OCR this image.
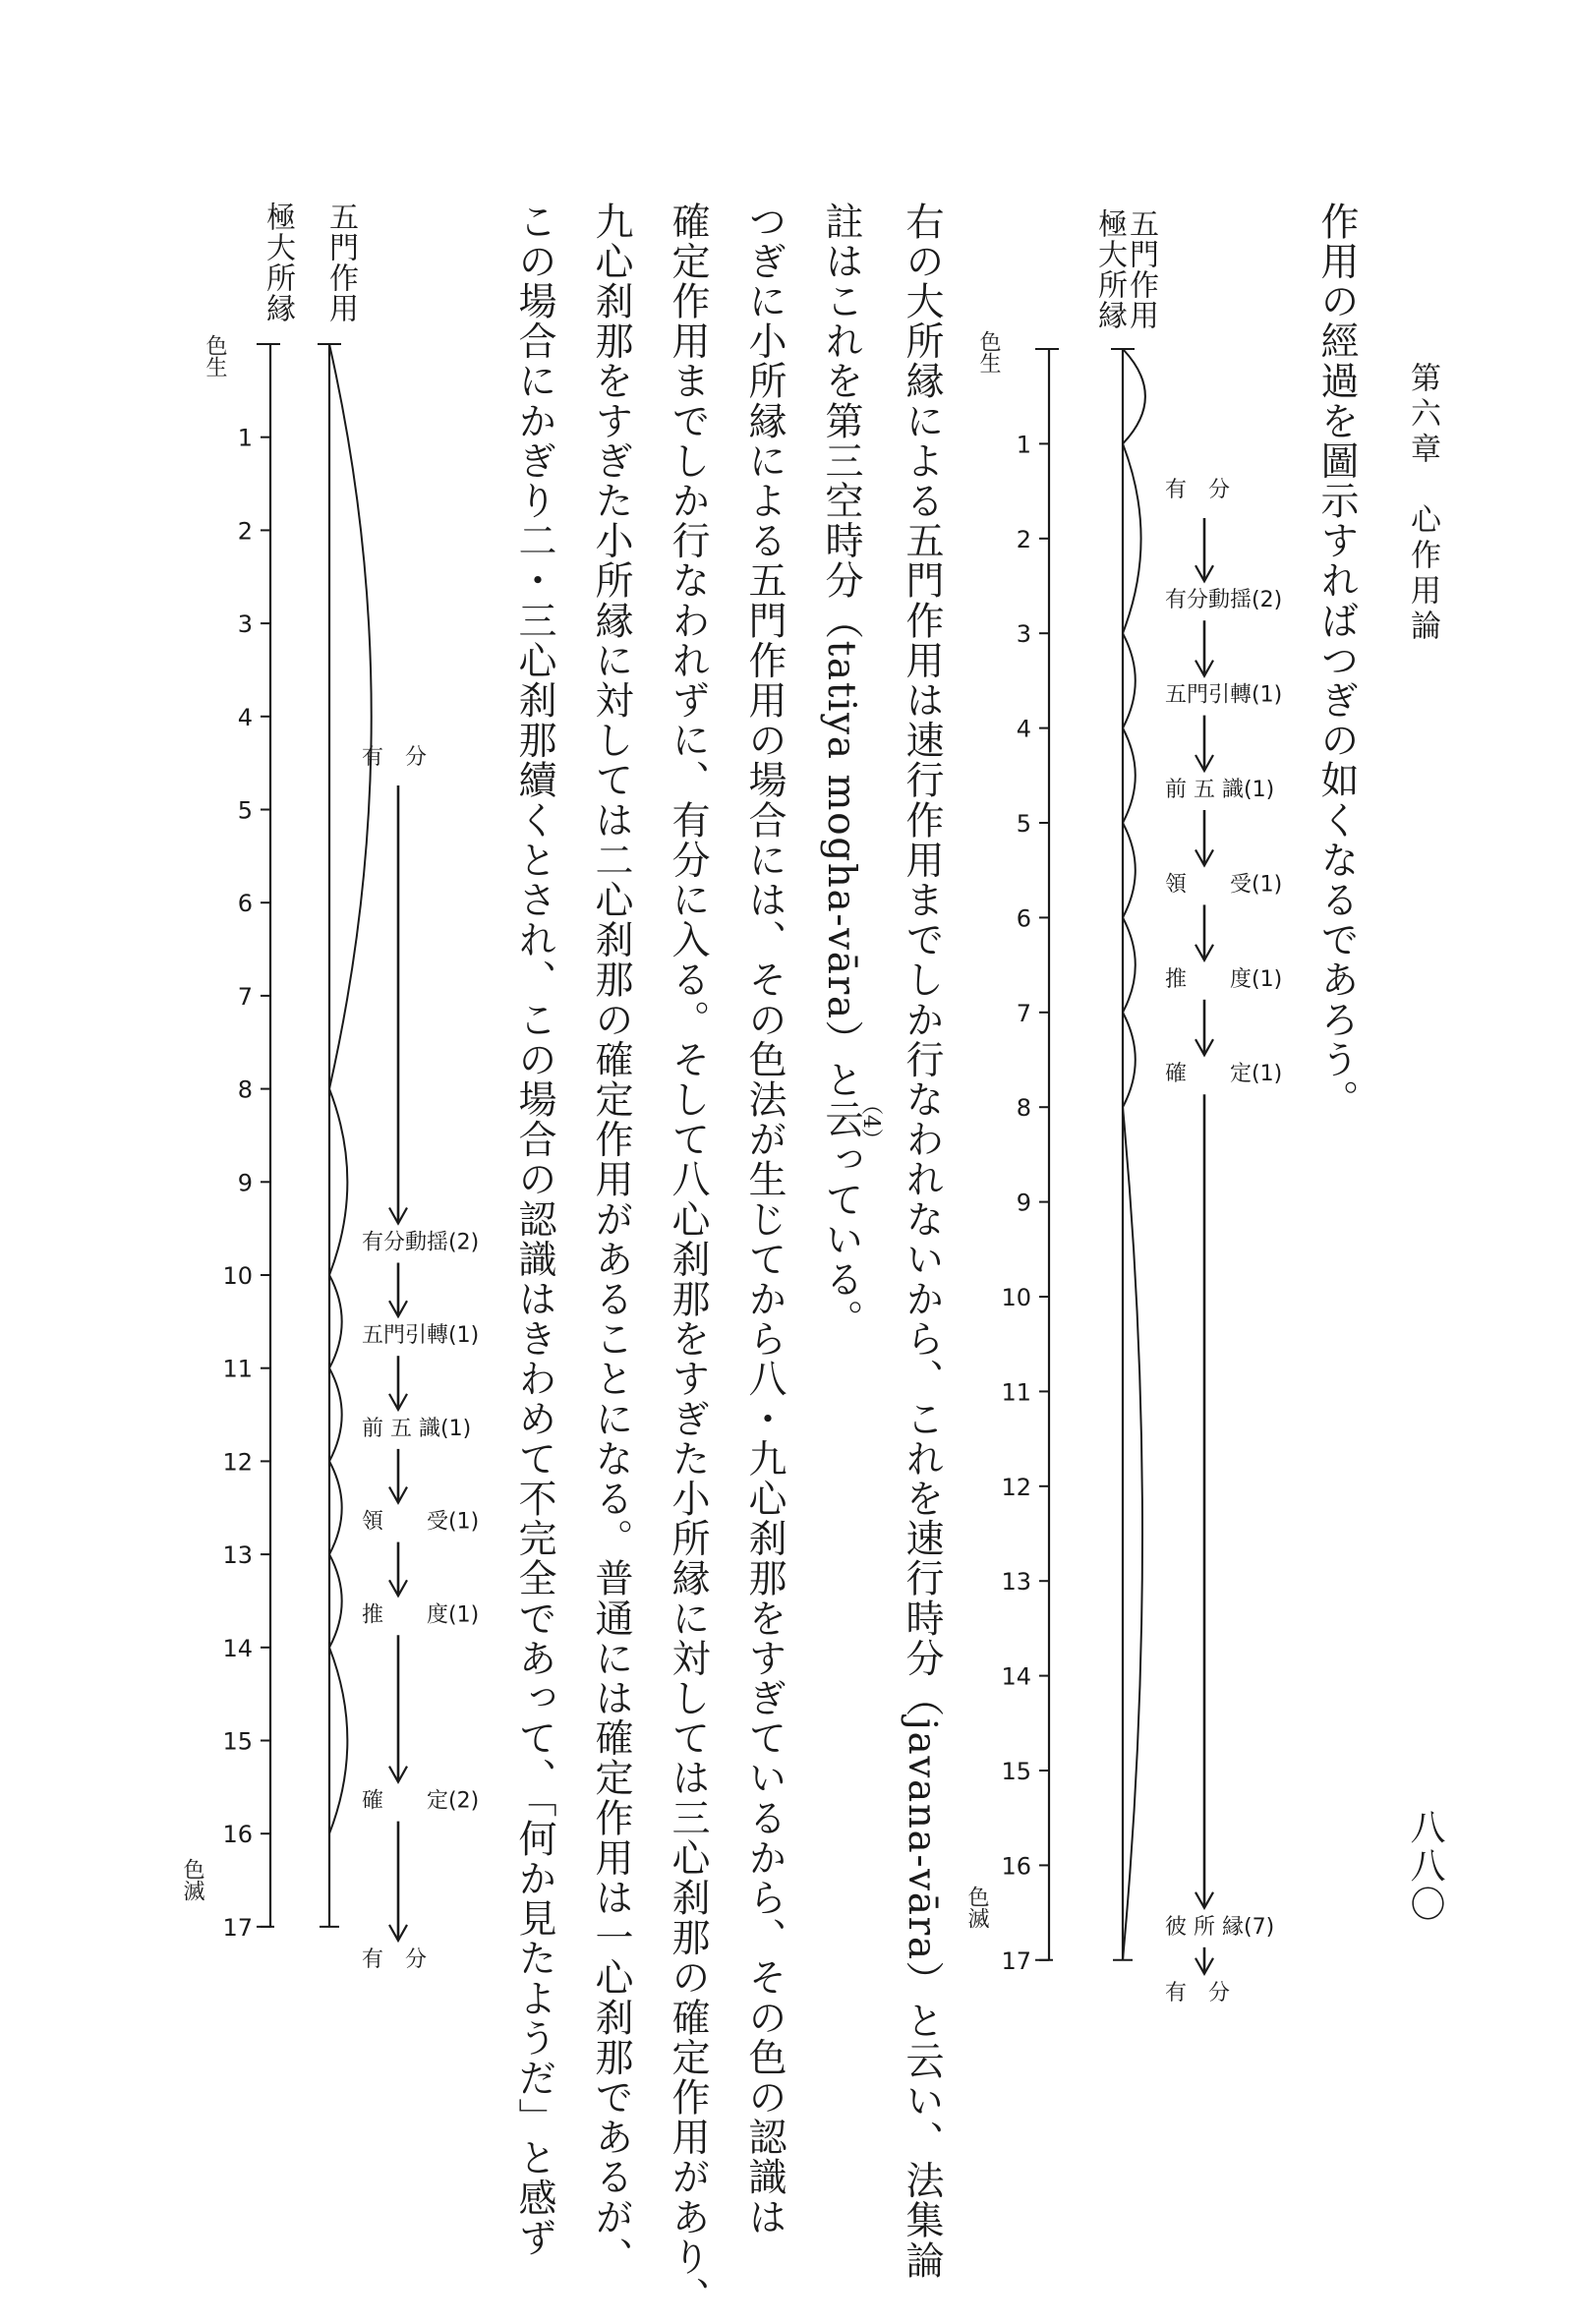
第六章　心作用論
八八〇
作用の經過を圖示すればつぎの如くなるであろう。
極大所縁
五門作用
色生
色滅
右の大所縁による五門作用は速行作用までしか行なわれないから、これを速行時分（javana-vāra）と云い、法集論
註はこれを第三空時分（tatiya mogha-vāra）と云っている。
（4）
つぎに小所縁による五門作用の場合には、その色法が生じてから八・九心刹那をすぎているから、その色の認識は
確定作用までしか行なわれずに、有分に入る。そして八心刹那をすぎた小所縁に対しては三心刹那の確定作用があり、
九心刹那をすぎた小所縁に対しては二心刹那の確定作用があることになる。普通には確定作用は一心刹那であるが、
この場合にかぎり二・三心刹那續くとされ、この場合の認識はきわめて不完全であって、「何か見たようだ」と感ず
極大所縁 五門作用
色生
色滅
1
2
3
4
5
6
7
8
9
10
11
12
13
14
15
16
17
有　分
有分動揺(2)
五門引轉(1)
前 五 識(1)
領　　受(1)
推　　度(1)
確　　定(1)
彼 所 縁(7)
有　分
1
2
3
4
5
6
7
8
9
10
11
12
13
14
15
16
17
有　分
有分動揺(2)
五門引轉(1)
前 五 識(1)
領　　受(1)
推　　度(1)
確　　定(2)
有　分
